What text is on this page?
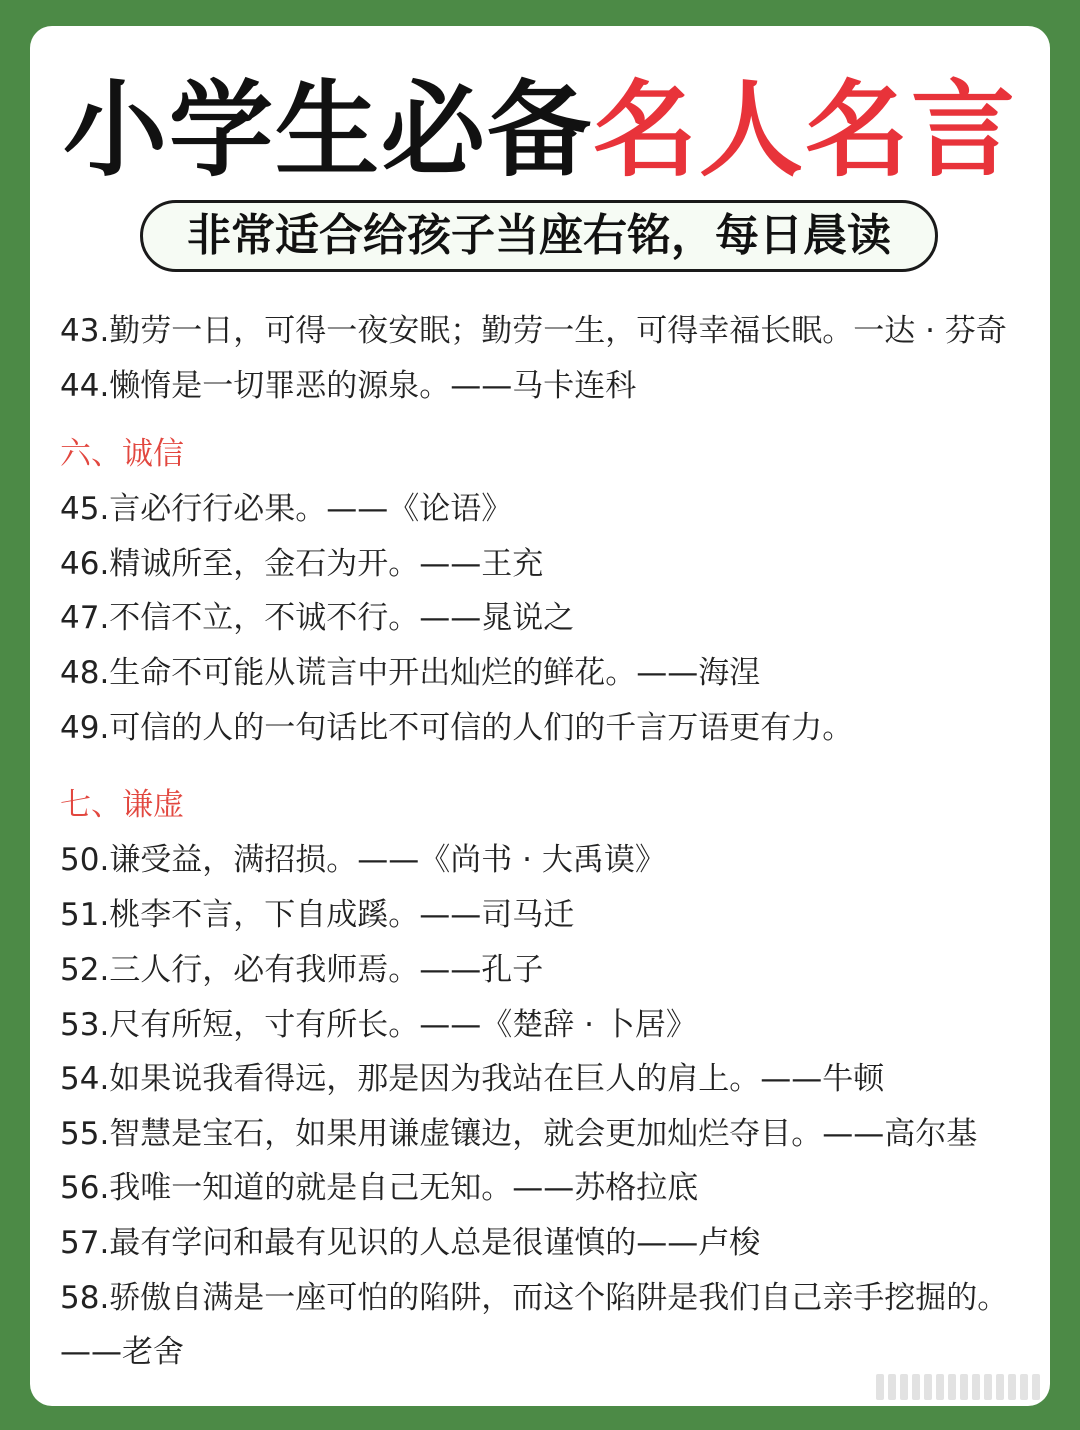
小学生必备名人名言
非常适合给孩子当座右铭，每日晨读
43.勤劳一日，可得一夜安眠；勤劳一生，可得幸福长眠。一达 · 芬奇
44.懒惰是一切罪恶的源泉。——马卡连科
六、诚信
45.言必行行必果。——《论语》
46.精诚所至，金石为开。——王充
47.不信不立，不诚不行。——晁说之
48.生命不可能从谎言中开出灿烂的鲜花。——海涅
49.可信的人的一句话比不可信的人们的千言万语更有力。
七、谦虚
50.谦受益，满招损。——《尚书 · 大禹谟》
51.桃李不言，下自成蹊。——司马迁
52.三人行，必有我师焉。——孔子
53.尺有所短，寸有所长。——《楚辞 · 卜居》
54.如果说我看得远，那是因为我站在巨人的肩上。——牛顿
55.智慧是宝石，如果用谦虚镶边，就会更加灿烂夺目。——高尔基
56.我唯一知道的就是自己无知。——苏格拉底
57.最有学问和最有见识的人总是很谨慎的——卢梭
58.骄傲自满是一座可怕的陷阱，而这个陷阱是我们自己亲手挖掘的。
——老舍
